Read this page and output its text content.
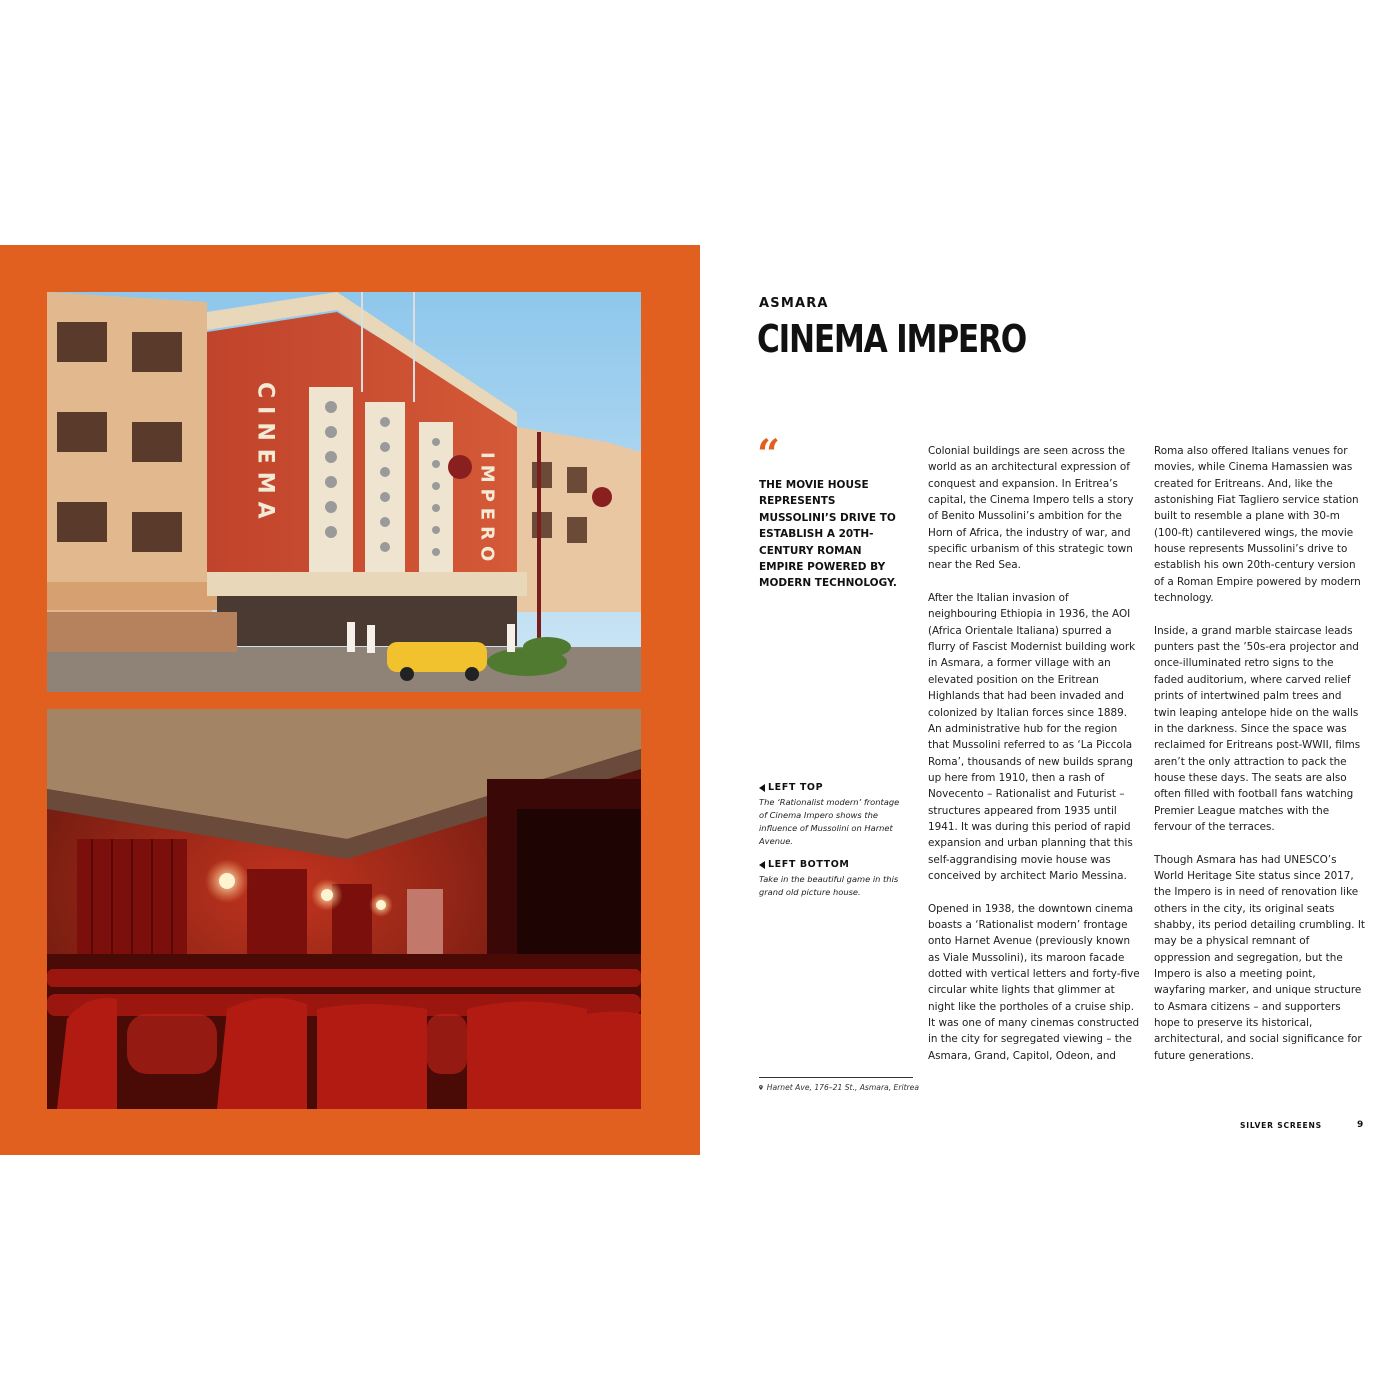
CINEMA	IMPERO
ASMARA
CINEMA IMPERO
“
THE MOVIE HOUSE REPRESENTS MUSSOLINI’S DRIVE TO ESTABLISH A 20TH-CENTURY ROMAN EMPIRE POWERED BY MODERN TECHNOLOGY.
LEFT TOP
The ‘Rationalist modern’ frontage of Cinema Impero shows the influence of Mussolini on Harnet Avenue.
LEFT BOTTOM
Take in the beautiful game in this grand old picture house.
Harnet Ave, 176–21 St., Asmara, Eritrea

Colonial buildings are seen across the world as an architectural expression of conquest and expansion. In Eritrea’s capital, the Cinema Impero tells a story of Benito Mussolini’s ambition for the Horn of Africa, the industry of war, and specific urbanism of this strategic town near the Red Sea.

After the Italian invasion of neighbouring Ethiopia in 1936, the AOI (Africa Orientale Italiana) spurred a flurry of Fascist Modernist building work in Asmara, a former village with an elevated position on the Eritrean Highlands that had been invaded and colonized by Italian forces since 1889. An administrative hub for the region that Mussolini referred to as ‘La Piccola Roma’, thousands of new builds sprang up here from 1910, then a rash of Novecento – Rationalist and Futurist – structures appeared from 1935 until 1941. It was during this period of rapid expansion and urban planning that this self-aggrandising movie house was conceived by architect Mario Messina.

Opened in 1938, the downtown cinema boasts a ‘Rationalist modern’ frontage onto Harnet Avenue (previously known as Viale Mussolini), its maroon facade dotted with vertical letters and forty-five circular white lights that glimmer at night like the portholes of a cruise ship. It was one of many cinemas constructed in the city for segregated viewing – the Asmara, Grand, Capitol, Odeon, and

Roma also offered Italians venues for movies, while Cinema Hamassien was created for Eritreans. And, like the astonishing Fiat Tagliero service station built to resemble a plane with 30-m (100-ft) cantilevered wings, the movie house represents Mussolini’s drive to establish his own 20th-century version of a Roman Empire powered by modern technology.

Inside, a grand marble staircase leads punters past the ’50s-era projector and once-illuminated retro signs to the faded auditorium, where carved relief prints of intertwined palm trees and twin leaping antelope hide on the walls in the darkness. Since the space was reclaimed for Eritreans post-WWII, films aren’t the only attraction to pack the house these days. The seats are also often filled with football fans watching Premier League matches with the fervour of the terraces.

Though Asmara has had UNESCO’s World Heritage Site status since 2017, the Impero is in need of renovation like others in the city, its original seats shabby, its period detailing crumbling. It may be a physical remnant of oppression and segregation, but the Impero is also a meeting point, wayfaring marker, and unique structure to Asmara citizens – and supporters hope to preserve its historical, architectural, and social significance for future generations.

SILVER SCREENS	9
